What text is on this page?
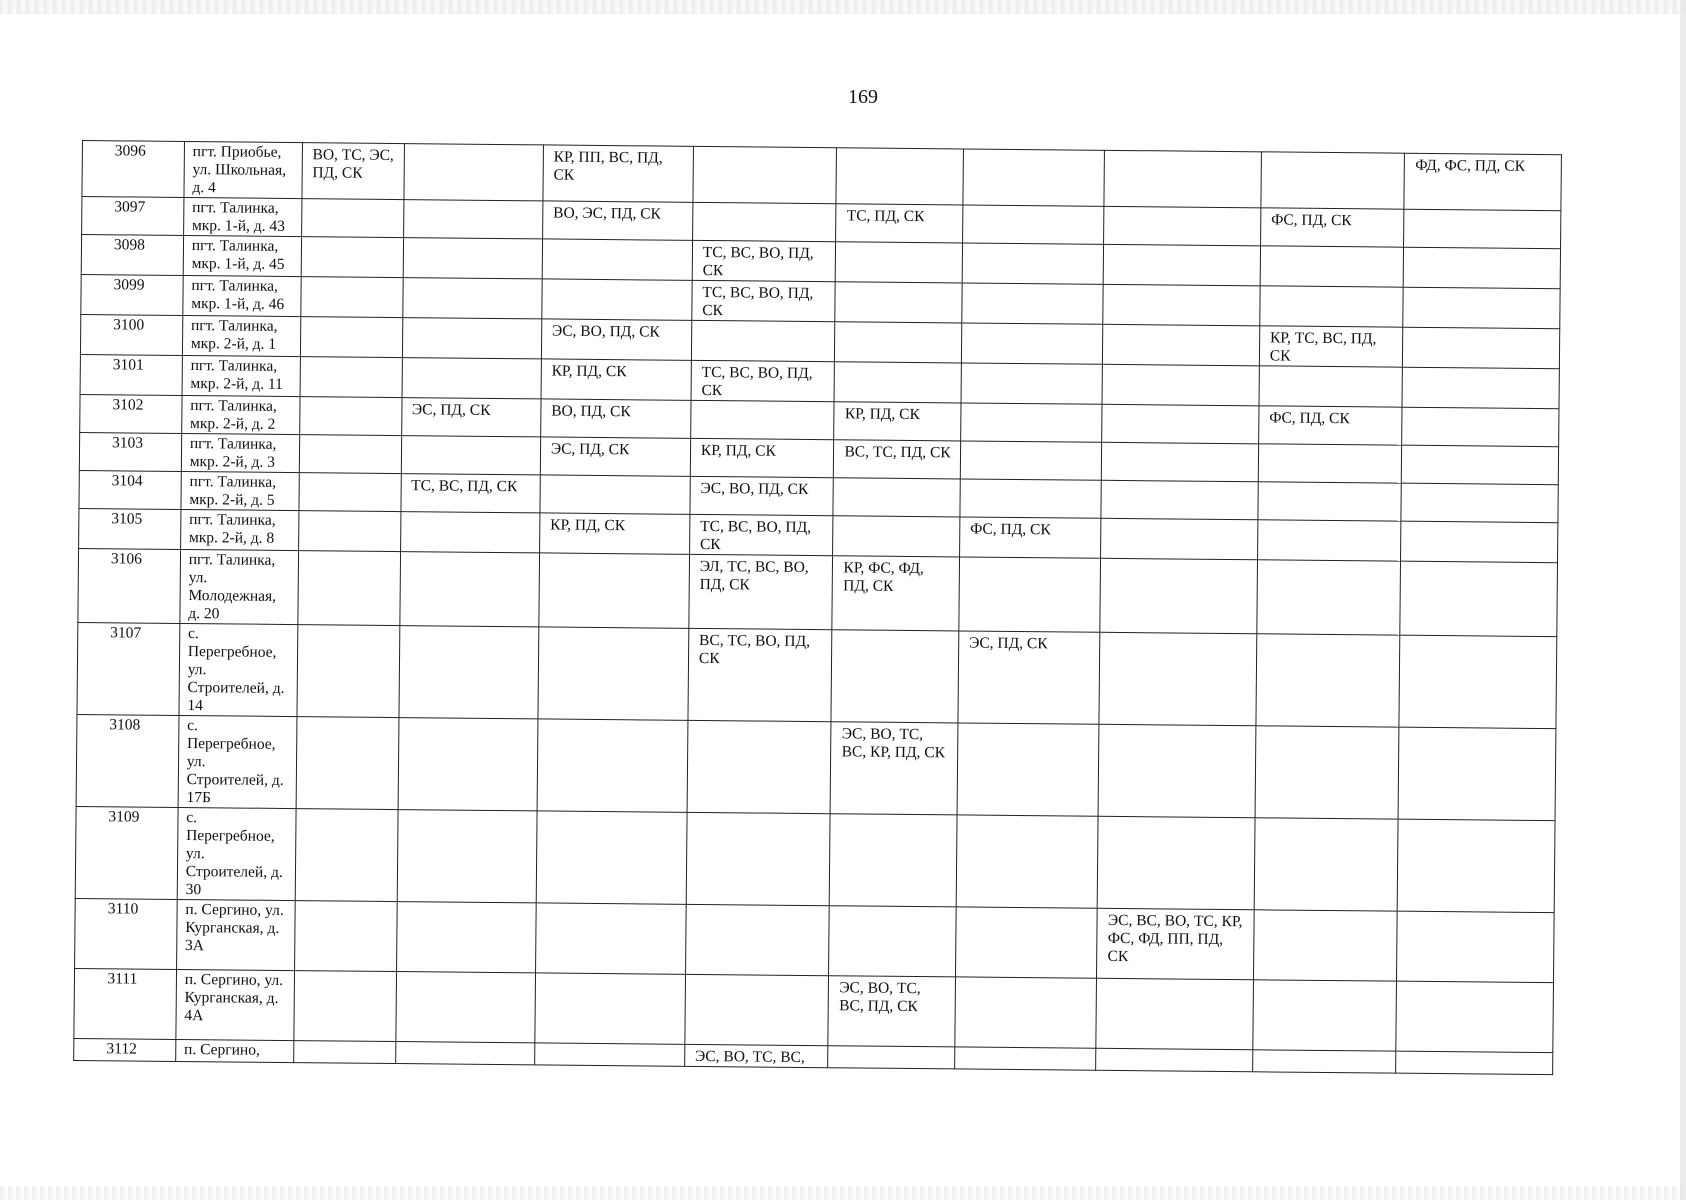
169
3096	пгт. Приобье, ул. Школьная, д. 4	ВО, ТС, ЭС, ПД, СК		КР, ПП, ВС, ПД, СК						ФД, ФС, ПД, СК

3097	пгт. Талинка, мкр. 1-й, д. 43			ВО, ЭС, ПД, СК		ТС, ПД, СК			ФС, ПД, СК	

3098	пгт. Талинка, мкр. 1-й, д. 45				ТС, ВС, ВО, ПД, СК					

3099	пгт. Талинка, мкр. 1-й, д. 46				ТС, ВС, ВО, ПД, СК					

3100	пгт. Талинка, мкр. 2-й, д. 1			ЭС, ВО, ПД, СК					КР, ТС, ВС, ПД, СК	

3101	пгт. Талинка, мкр. 2-й, д. 11			КР, ПД, СК	ТС, ВС, ВО, ПД, СК					

3102	пгт. Талинка, мкр. 2-й, д. 2		ЭС, ПД, СК	ВО, ПД, СК		КР, ПД, СК			ФС, ПД, СК	

3103	пгт. Талинка, мкр. 2-й, д. 3			ЭС, ПД, СК	КР, ПД, СК	ВС, ТС, ПД, СК				

3104	пгт. Талинка, мкр. 2-й, д. 5		ТС, ВС, ПД, СК		ЭС, ВО, ПД, СК					

3105	пгт. Талинка, мкр. 2-й, д. 8			КР, ПД, СК	ТС, ВС, ВО, ПД, СК		ФС, ПД, СК			

3106	пгт. Талинка, ул. Молодежная, д. 20				ЭЛ, ТС, ВС, ВО, ПД, СК	КР, ФС, ФД, ПД, СК				

3107	с. Перегребное, ул. Строителей, д. 14				ВС, ТС, ВО, ПД, СК		ЭС, ПД, СК			

3108	с. Перегребное, ул. Строителей, д. 17Б					ЭС, ВО, ТС, ВС, КР, ПД, СК				

3109	с. Перегребное, ул. Строителей, д. 30	

3110	п. Сергино, ул. Курганская, д. 3А							ЭС, ВС, ВО, ТС, КР, ФС, ФД, ПП, ПД, СК		

3111	п. Сергино, ул. Курганская, д. 4А					ЭС, ВО, ТС, ВС, ПД, СК				

3112	п. Сергино,				ЭС, ВО, ТС, ВС,					
